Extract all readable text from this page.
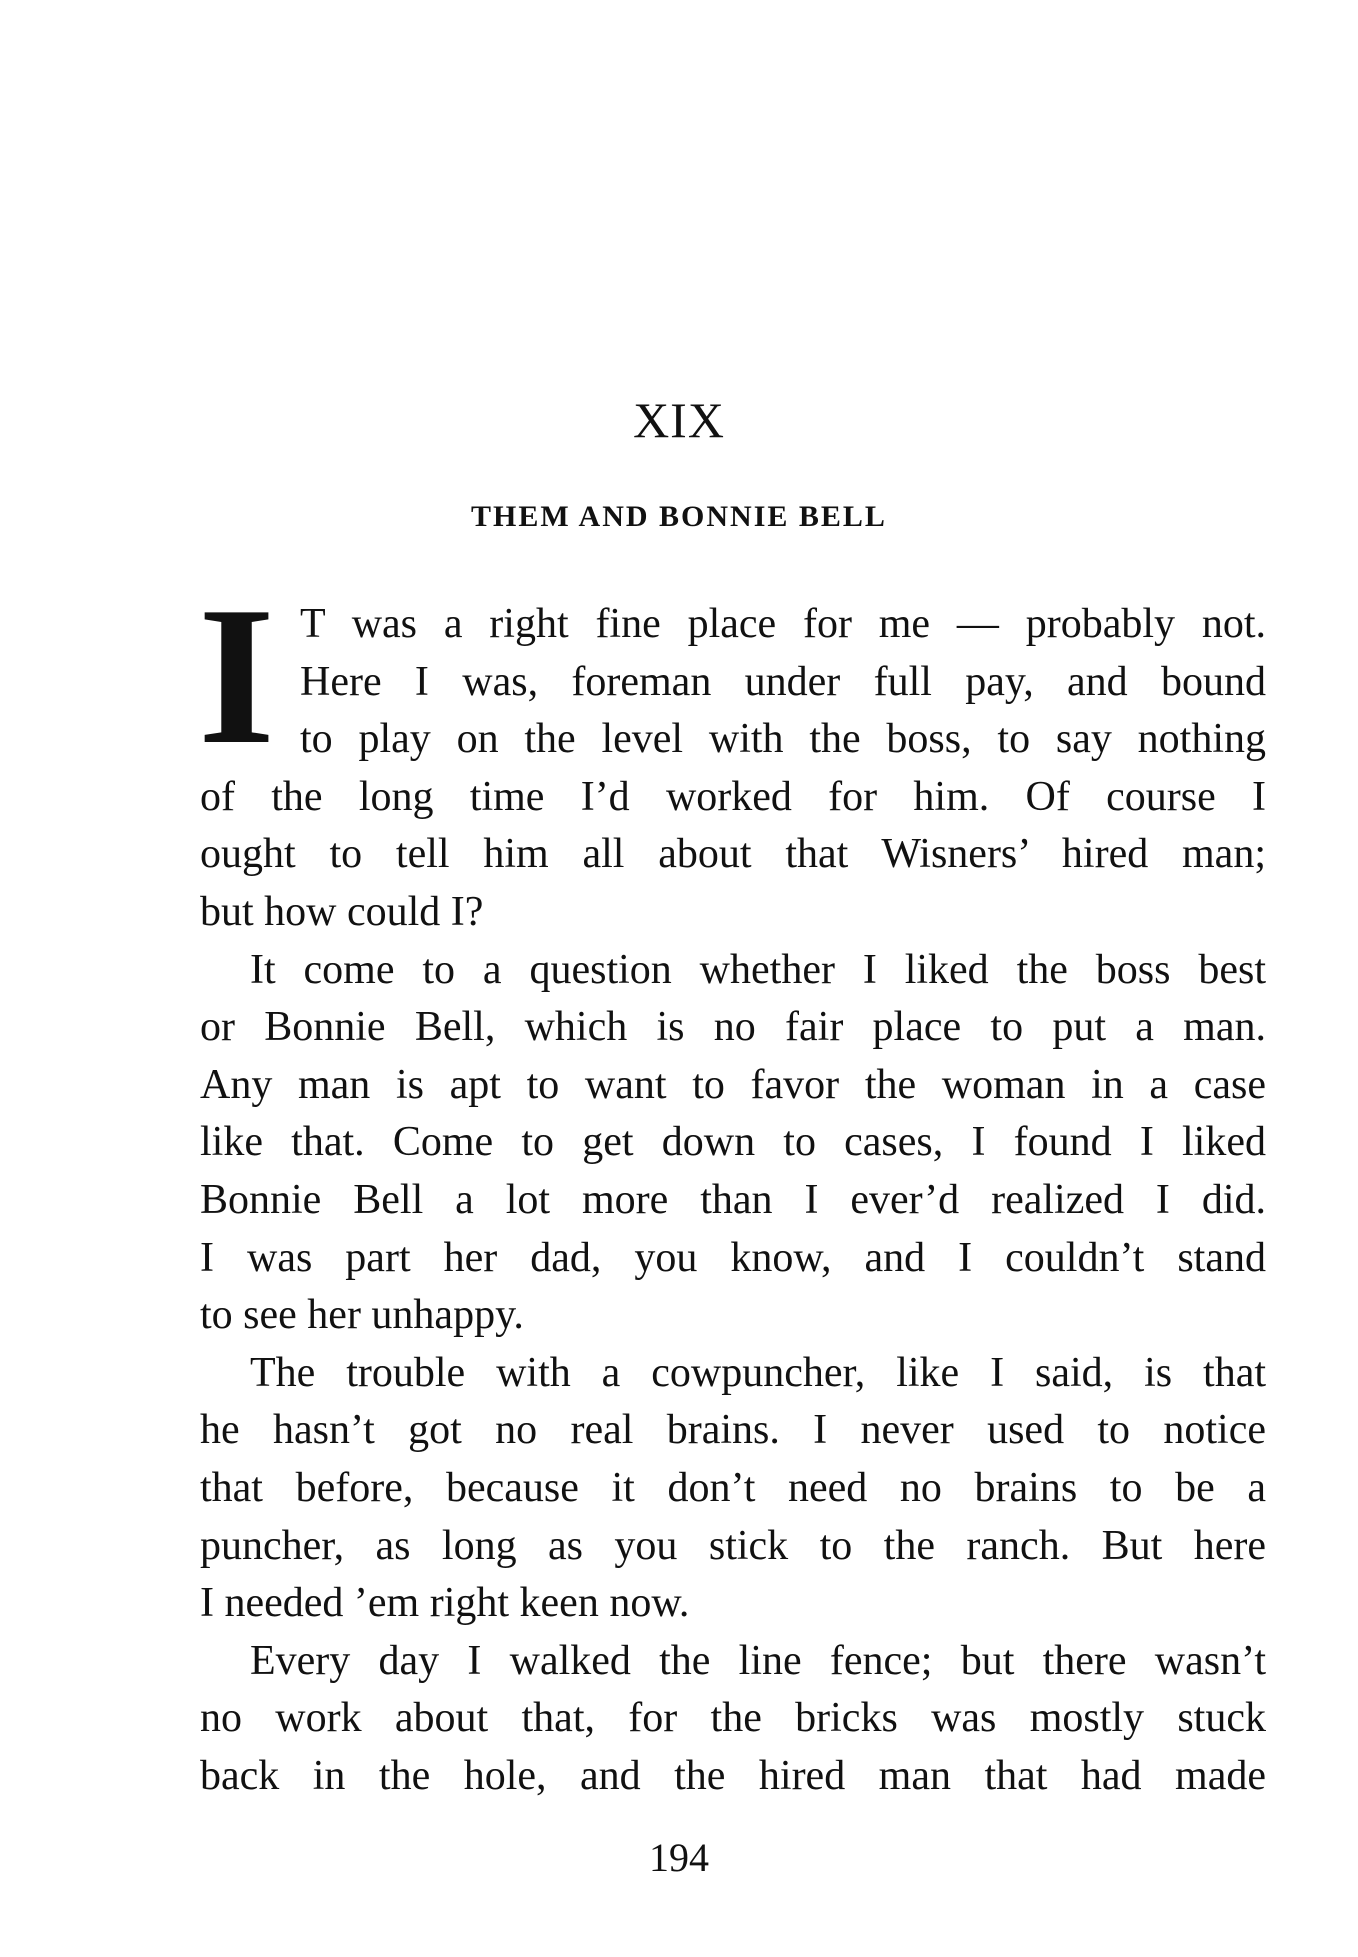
XIX
THEM AND BONNIE BELL
I T was a right fine place for me — probably not.
Here I was, foreman under full pay, and bound
to play on the level with the boss, to say nothing
of the long time I’d worked for him. Of course I
ought to tell him all about that Wisners’ hired man;
but how could I?
It come to a question whether I liked the boss best
or Bonnie Bell, which is no fair place to put a man.
Any man is apt to want to favor the woman in a case
like that. Come to get down to cases, I found I liked
Bonnie Bell a lot more than I ever’d realized I did.
I was part her dad, you know, and I couldn’t stand
to see her unhappy.
The trouble with a cowpuncher, like I said, is that
he hasn’t got no real brains. I never used to notice
that before, because it don’t need no brains to be a
puncher, as long as you stick to the ranch. But here
I needed ’em right keen now.
Every day I walked the line fence; but there wasn’t
no work about that, for the bricks was mostly stuck
back in the hole, and the hired man that had made
194
